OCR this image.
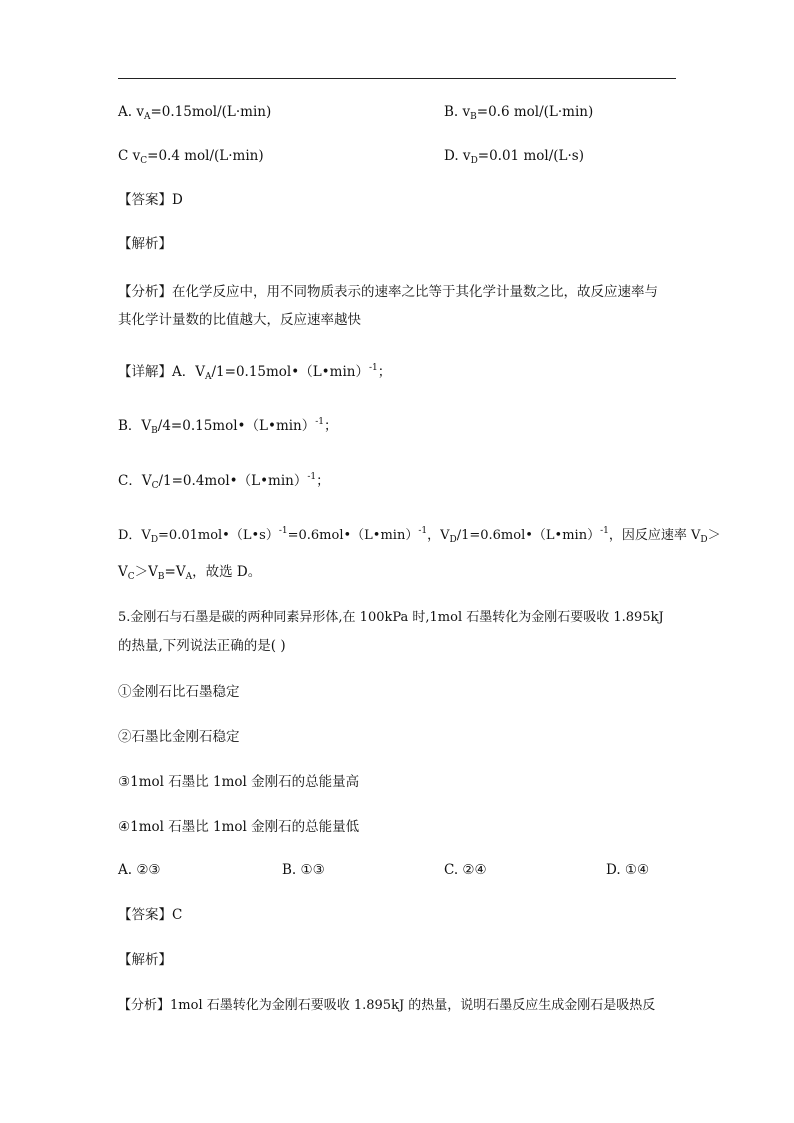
A. $v_A=0.15mol/(L\cdot\min)$	B. $v_B=0.6$ mol/(L·min)
C $v_C=0.4$ mol/(L·min)	D. $v_D=0.01$ mol/(L·s)
【答案】D
【解析】
【分析】在化学反应中，用不同物质表示的速率之比等于其化学计量数之比，故反应速率与
其化学计量数的比值越大，反应速率越快
【详解】A．$V_A/1=0.15mol•(L•\min)^{-1}$；
B．$V_B/4=0.15mol•(L•\min)^{-1}$；
C．$V_C/1=0.4mol•(L•\min)^{-1}$；
D．$V_D=0.01mol•(L•s)^{-1}=0.6mol•(L•\min)^{-1}$，$V_D/1=0.6mol•(L•\min)^{-1}$，因反应速率 $V_D>$
$V_C>V_B=V_A$，故选 D。
5.金刚石与石墨是碳的两种同素异形体,在 100kPa 时,1mol 石墨转化为金刚石要吸收 1.895kJ
的热量,下列说法正确的是( )
①金刚石比石墨稳定
②石墨比金刚石稳定
③1mol 石墨比 1mol 金刚石的总能量高
④1mol 石墨比 1mol 金刚石的总能量低
A. ②③	B. ①③	C. ②④	D. ①④
【答案】C
【解析】
【分析】1mol 石墨转化为金刚石要吸收 1.895kJ 的热量，说明石墨反应生成金刚石是吸热反
